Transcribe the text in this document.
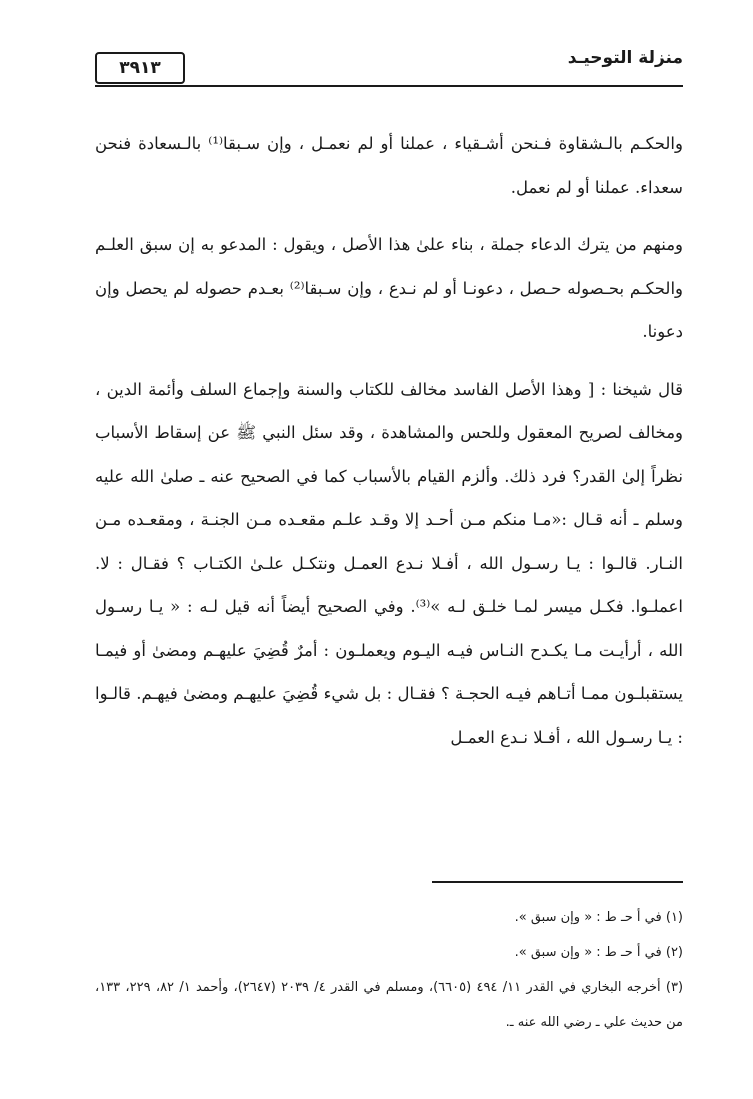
منزلة التوحيـد
٣٩١٣

والحكـم بالـشقاوة فـنحن أشـقياء ، عملنا أو لم نعمـل ، وإن سـبقا⁽¹⁾ بالـسعادة فنحن سعداء. عملنا أو لم نعمل.

ومنهم من يترك الدعاء جملة ، بناء علىٰ هذا الأصل ، ويقول : المدعو به إن سبق العلـم والحكـم بحـصوله حـصل ، دعونـا أو لم نـدع ، وإن سـبقا⁽²⁾ بعـدم حصوله لم يحصل وإن دعونا.

قال شيخنا : [ وهذا الأصل الفاسد مخالف للكتاب والسنة وإجماع السلف وأئمة الدين ، ومخالف لصريح المعقول وللحس والمشاهدة ، وقد سئل النبي ﷺ عن إسقاط الأسباب نظراً إلىٰ القدر؟ فرد ذلك. وألزم القيام بالأسباب كما في الصحيح عنه ـ صلىٰ الله عليه وسلم ـ أنه قـال :«مـا منكم مـن أحـد إلا وقـد علـم مقعـده مـن الجنـة ، ومقعـده مـن النـار. قالـوا : يـا رسـول الله ، أفـلا نـدع العمـل ونتكـل علـىٰ الكتـاب ؟ فقـال : لا. اعملـوا. فكـل ميسر لمـا خلـق لـه »⁽³⁾. وفي الصحيح أيضاً أنه قيل لـه : « يـا رسـول الله ، أرأيـت مـا يكـدح النـاس فيـه اليـوم ويعملـون : أمرٌ قُضِيَ عليهـم ومضىٰ أو فيمـا يستقبلـون ممـا أتـاهم فيـه الحجـة ؟ فقـال : بل شيء قُضِيَ عليهـم ومضىٰ فيهـم. قالـوا : يـا رسـول الله ، أفـلا نـدع العمـل

(١) في أ حـ ط : « وإن سبق ».

(٢) في أ حـ ط : « وإن سبق ».

(٣) أخرجه البخاري في القدر ١١/ ٤٩٤ (٦٦٠٥)، ومسلم في القدر ٤/ ٢٠٣٩ (٢٦٤٧)، وأحمد ١/ ٨٢، ٢٢٩، ١٣٣، من حديث علي ـ رضي الله عنه ـ.
